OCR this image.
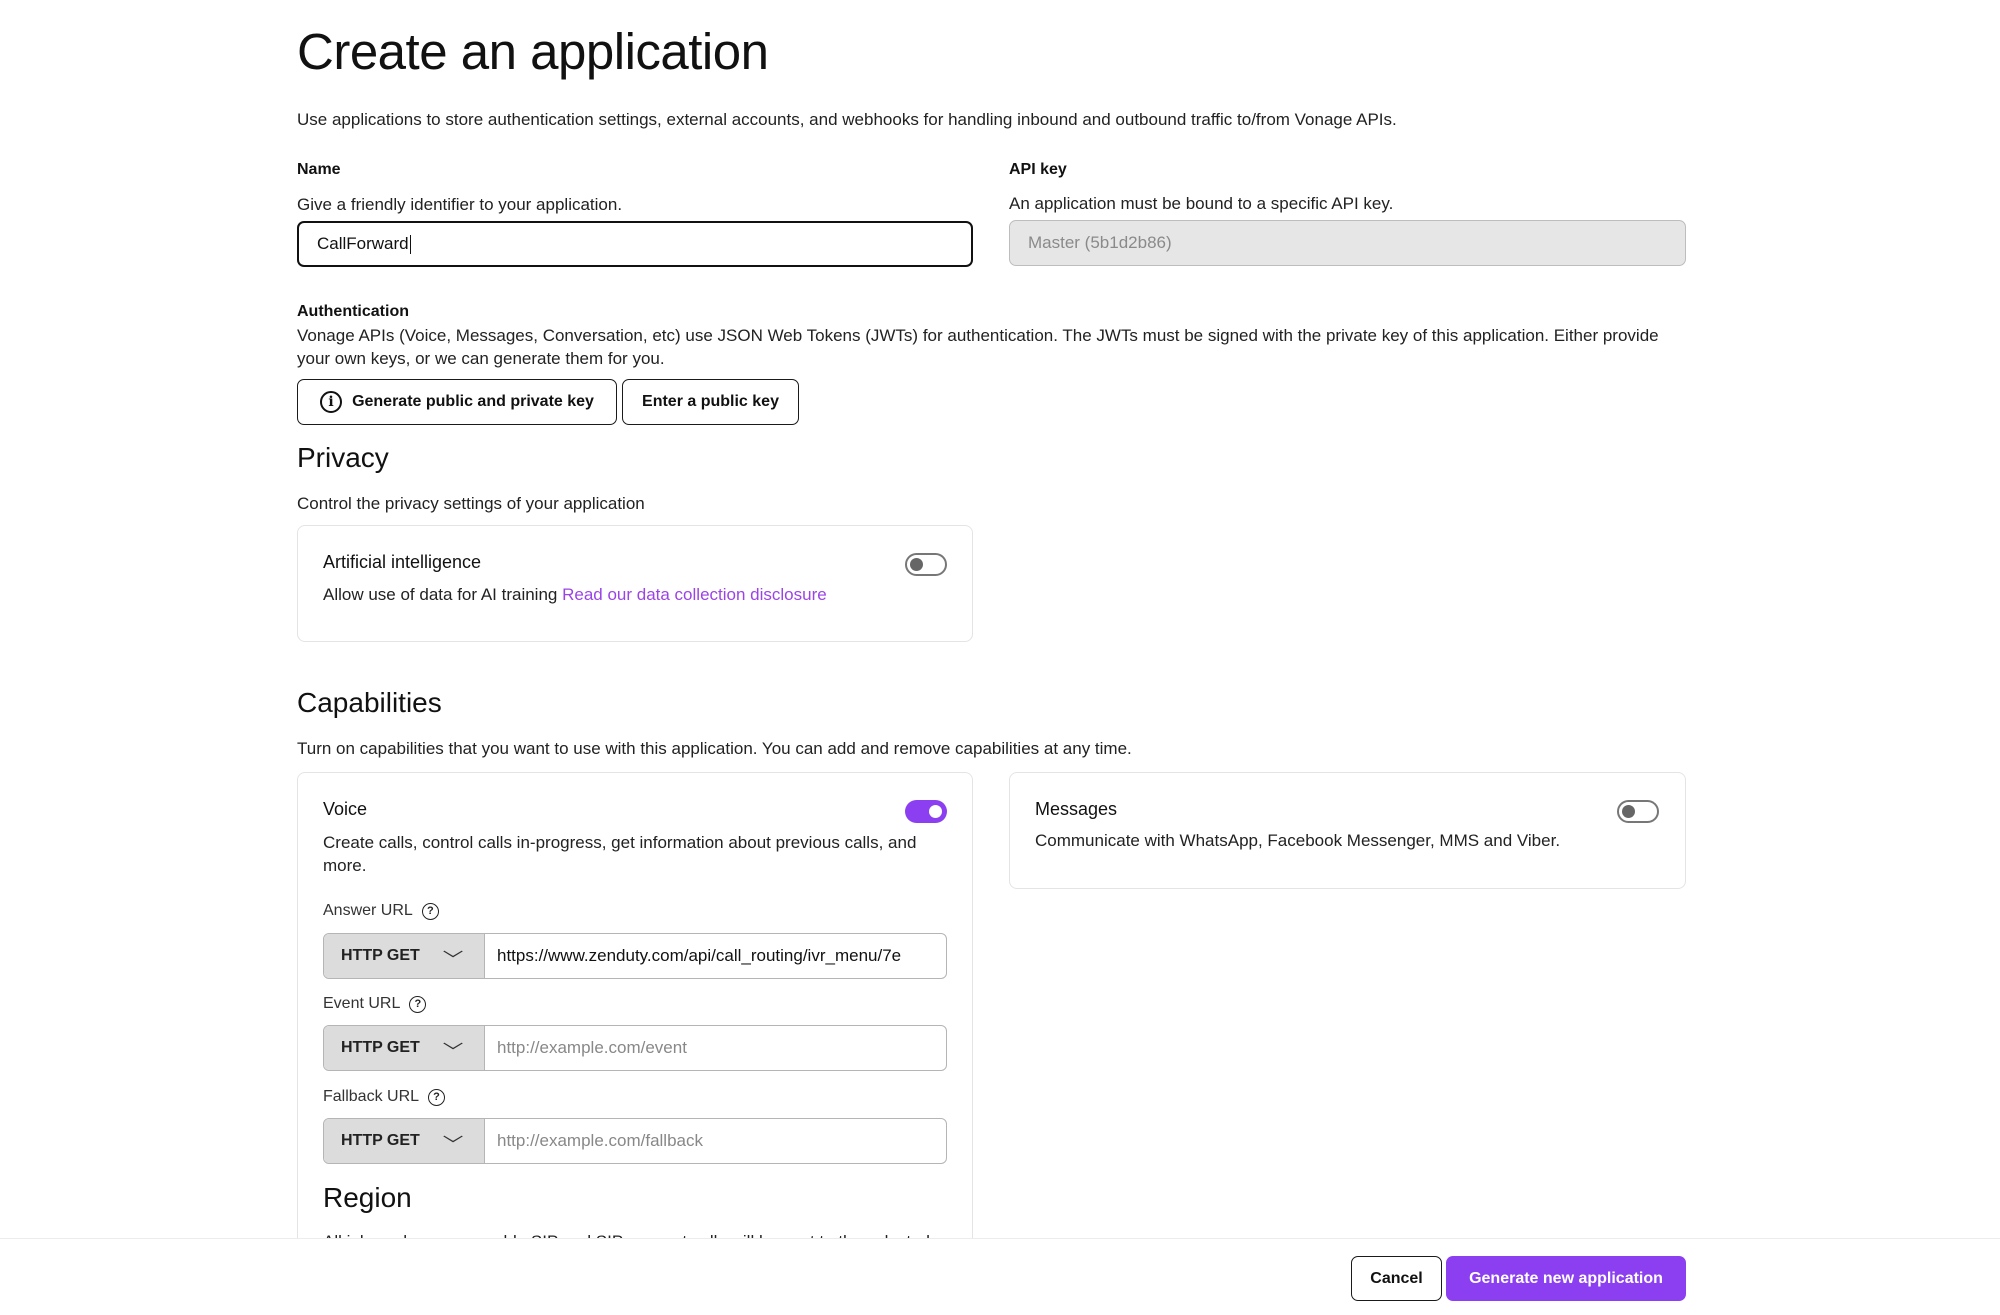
Create an application
Use applications to store authentication settings, external accounts, and webhooks for handling inbound and outbound traffic to/from Vonage APIs.
Name
Give a friendly identifier to your application.
CallForward
API key
An application must be bound to a specific API key.
Master (5b1d2b86)
Authentication
Vonage APIs (Voice, Messages, Conversation, etc) use JSON Web Tokens (JWTs) for authentication. The JWTs must be signed with the private key of this application. Either provide your own keys, or we can generate them for you.
i	Generate public and private key	Enter a public key
Privacy
Control the privacy settings of your application
Artificial intelligence
Allow use of data for AI training Read our data collection disclosure
Capabilities
Turn on capabilities that you want to use with this application. You can add and remove capabilities at any time.
Voice
Create calls, control calls in-progress, get information about previous calls, and more.
Answer URL	?
HTTP GET ﹀	https://www.zenduty.com/api/call_routing/ivr_menu/7e
Event URL	?
HTTP GET ﹀	http://example.com/event
Fallback URL	?
HTTP GET ﹀	http://example.com/fallback
Region
Messages
Communicate with WhatsApp, Facebook Messenger, MMS and Viber.
Cancel	Generate new application
